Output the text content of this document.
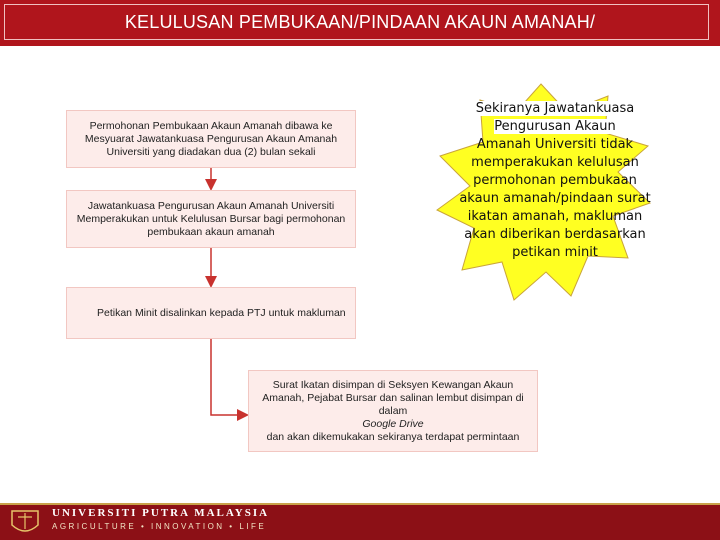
KELULUSAN PEMBUKAAN/PINDAAN AKAUN AMANAH/
Permohonan Pembukaan Akaun Amanah dibawa ke Mesyuarat Jawatankuasa Pengurusan Akaun Amanah Universiti yang diadakan dua (2) bulan sekali
Jawatankuasa Pengurusan Akaun Amanah Universiti Memperakukan untuk Kelulusan Bursar bagi permohonan pembukaan akaun amanah
Petikan Minit disalinkan kepada PTJ untuk makluman
Surat Ikatan disimpan di Seksyen Kewangan Akaun Amanah, Pejabat Bursar dan salinan lembut disimpan di dalam
Google Drive
dan akan dikemukakan sekiranya terdapat permintaan
Sekiranya Jawatankuasa
Pengurusan Akaun
Amanah Universiti tidak memperakukan kelulusan permohonan pembukaan akaun amanah/pindaan surat ikatan amanah, makluman akan diberikan berdasarkan petikan minit
UNIVERSITI PUTRA MALAYSIA
AGRICULTURE • INNOVATION • LIFE
